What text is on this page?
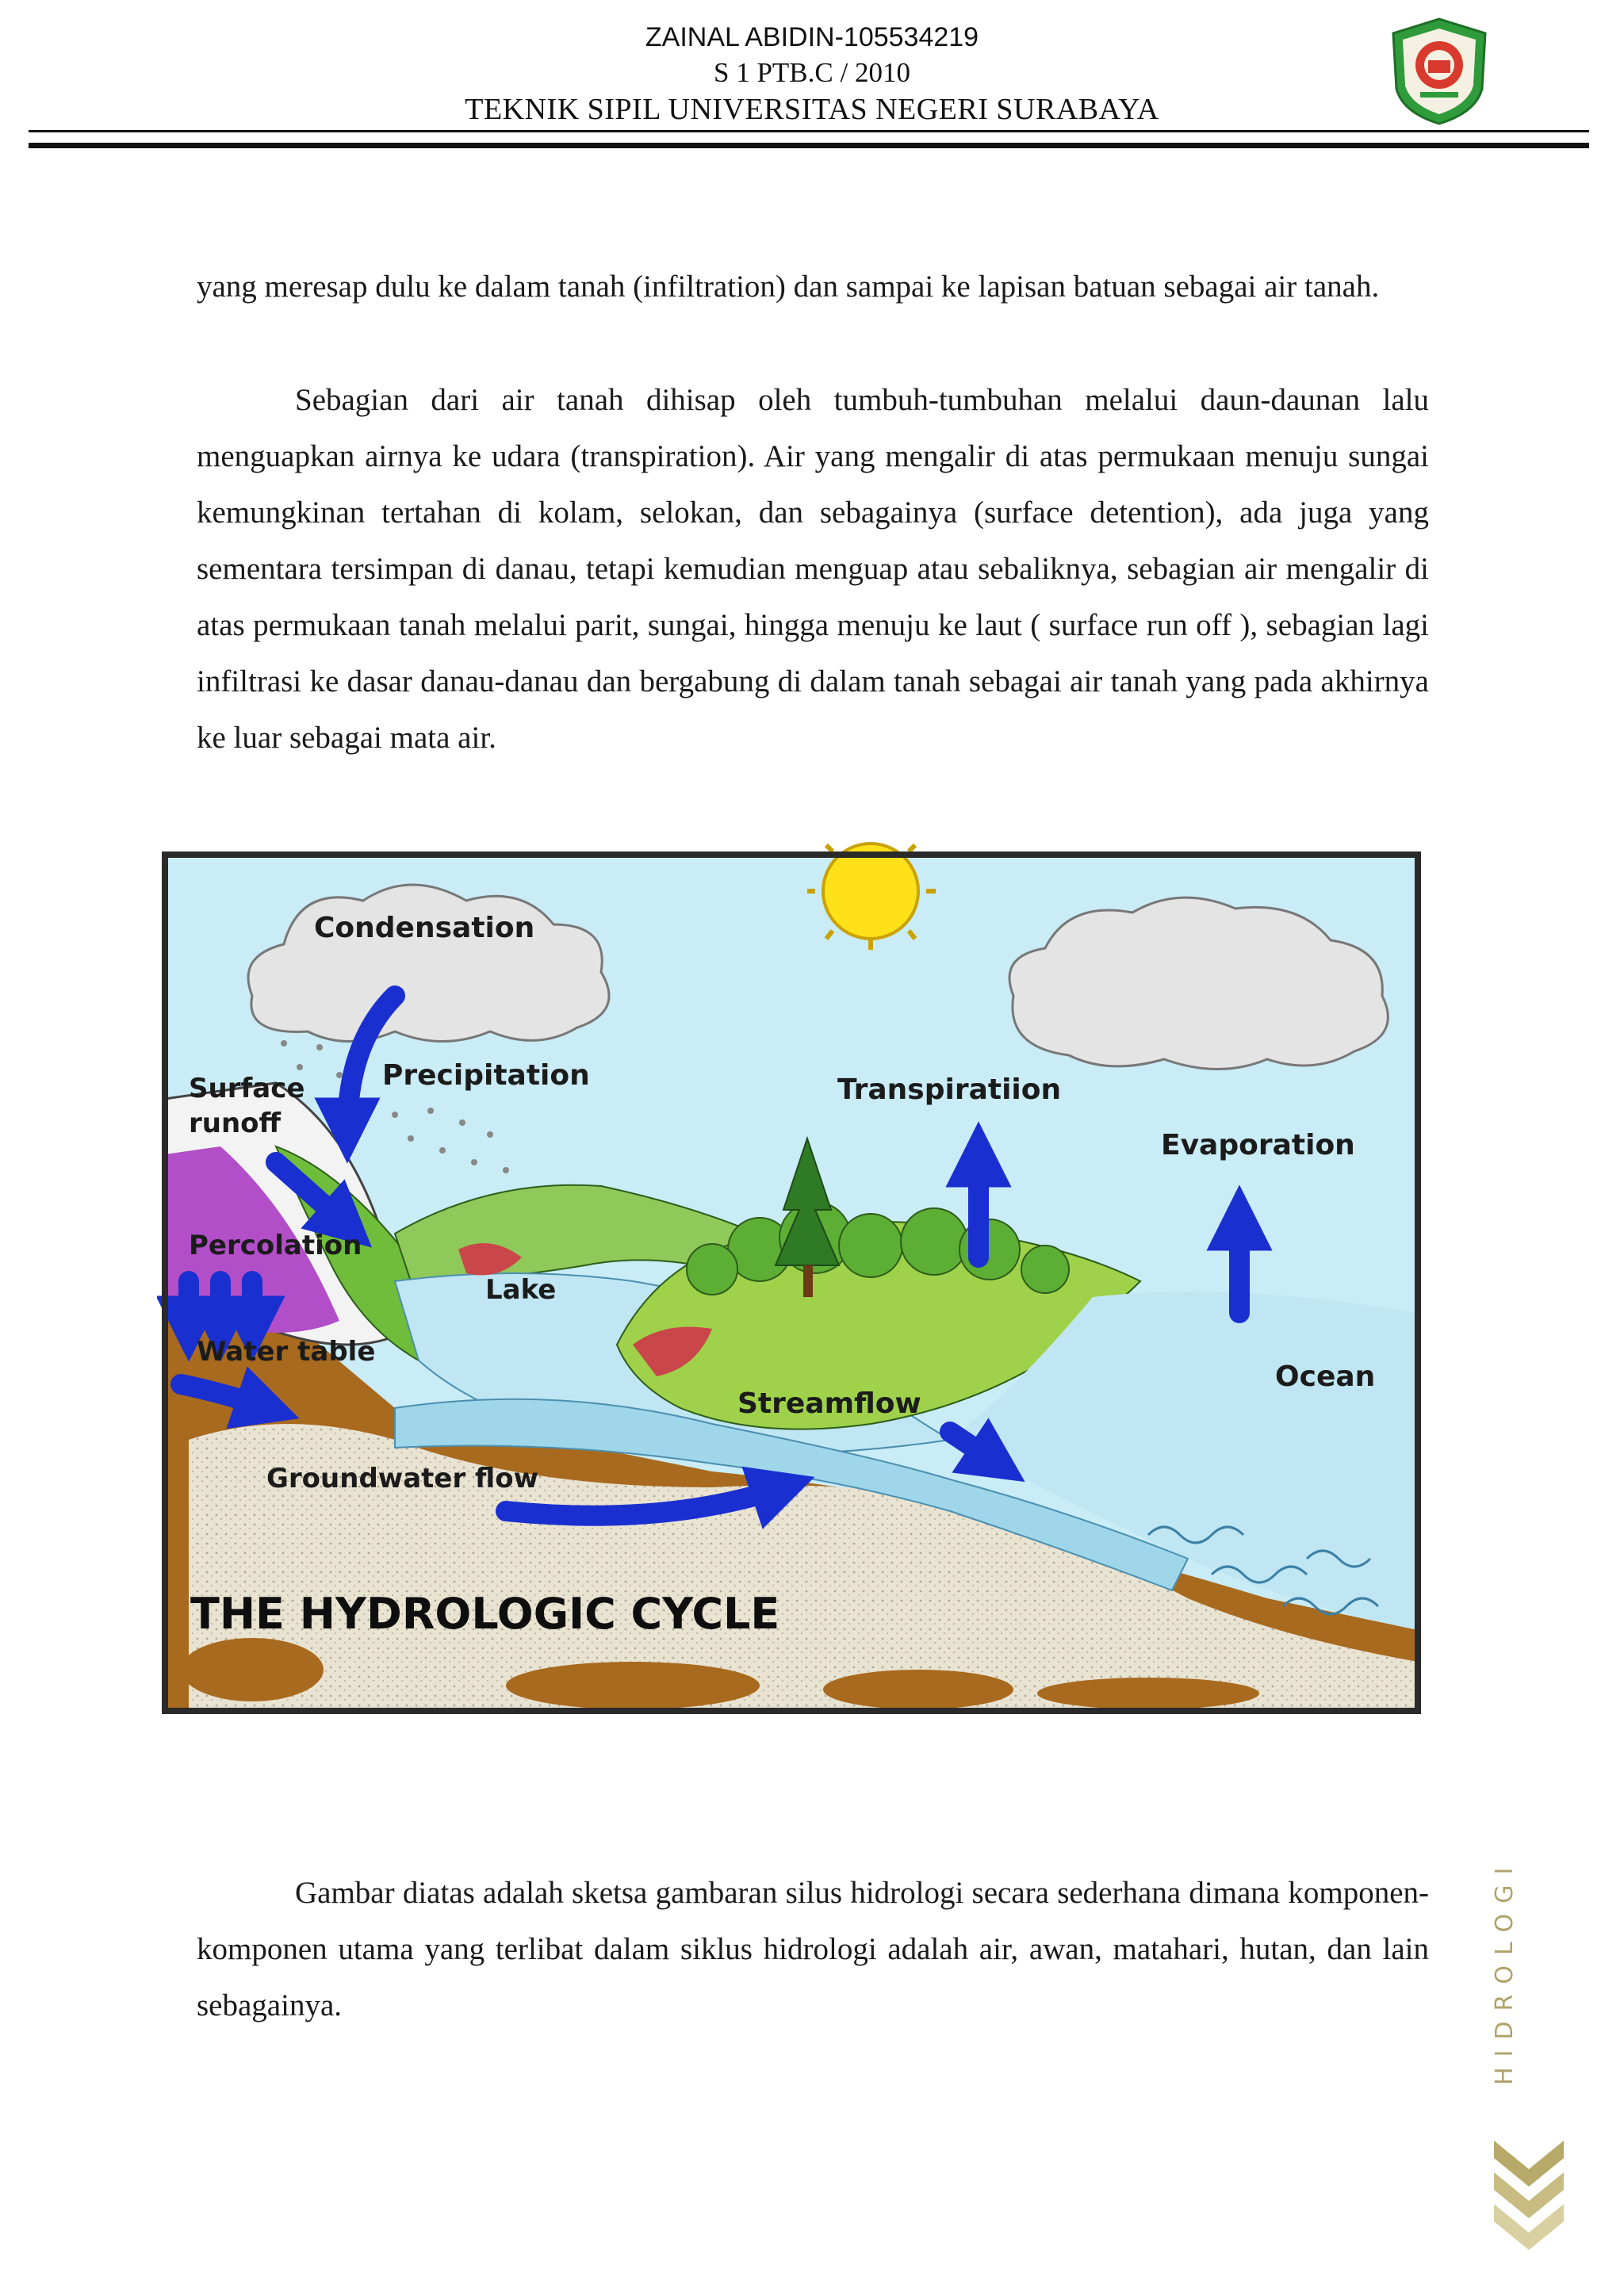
ZAINAL ABIDIN-105534219
S 1 PTB.C / 2010
TEKNIK SIPIL UNIVERSITAS NEGERI SURABAYA

yang meresap dulu ke dalam tanah (infiltration) dan sampai ke lapisan batuan sebagai air tanah.

Sebagian dari air tanah dihisap oleh tumbuh-tumbuhan melalui daun-daunan lalu menguapkan airnya ke udara (transpiration). Air yang mengalir di atas permukaan menuju sungai kemungkinan tertahan di kolam, selokan, dan sebagainya (surface detention), ada juga yang sementara tersimpan di danau, tetapi kemudian menguap atau sebaliknya, sebagian air mengalir di atas permukaan tanah melalui parit, sungai, hingga menuju ke laut ( surface run off ), sebagian lagi infiltrasi ke dasar danau-danau dan bergabung di dalam tanah sebagai air tanah yang pada akhirnya ke luar sebagai mata air.

Condensation
Precipitation
Surface
runoff
Percolation
Lake
Water table
Transpiratiion
Evaporation
Ocean
Streamflow
Groundwater flow
THE HYDROLOGIC CYCLE

Gambar diatas adalah sketsa gambaran silus hidrologi secara sederhana dimana komponen-komponen utama yang terlibat dalam siklus hidrologi adalah air, awan, matahari, hutan, dan lain sebagainya.	HIDROLOGI
